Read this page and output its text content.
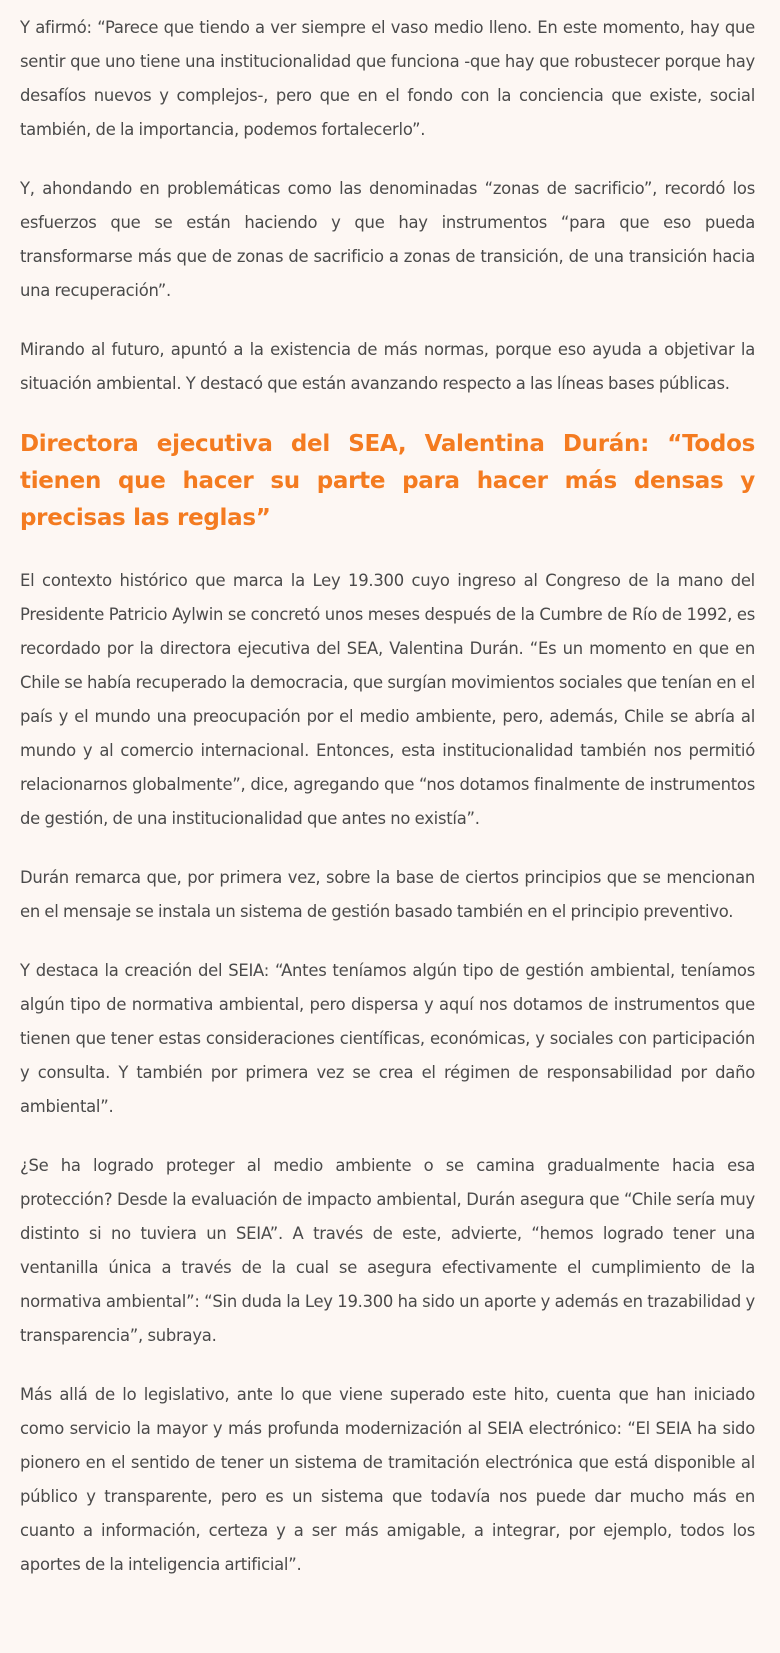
Y afirmó: “Parece que tiendo a ver siempre el vaso medio lleno. En este momento, hay que sentir que uno tiene una institucionalidad que funciona -que hay que robustecer porque hay desafíos nuevos y complejos-, pero que en el fondo con la conciencia que existe, social también, de la importancia, podemos fortalecerlo”.

Y, ahondando en problemáticas como las denominadas “zonas de sacrificio”, recordó los esfuerzos que se están haciendo y que hay instrumentos “para que eso pueda transformarse más que de zonas de sacrificio a zonas de transición, de una transición hacia una recuperación”.

Mirando al futuro, apuntó a la existencia de más normas, porque eso ayuda a objetivar la situación ambiental. Y destacó que están avanzando respecto a las líneas bases públicas.

Directora ejecutiva del SEA, Valentina Durán: “Todos tienen que hacer su parte para hacer más densas y precisas las reglas”

El contexto histórico que marca la Ley 19.300 cuyo ingreso al Congreso de la mano del Presidente Patricio Aylwin se concretó unos meses después de la Cumbre de Río de 1992, es recordado por la directora ejecutiva del SEA, Valentina Durán. “Es un momento en que en Chile se había recuperado la democracia, que surgían movimientos sociales que tenían en el país y el mundo una preocupación por el medio ambiente, pero, además, Chile se abría al mundo y al comercio internacional. Entonces, esta institucionalidad también nos permitió relacionarnos globalmente”, dice, agregando que “nos dotamos finalmente de instrumentos de gestión, de una institucionalidad que antes no existía”.

Durán remarca que, por primera vez, sobre la base de ciertos principios que se mencionan en el mensaje se instala un sistema de gestión basado también en el principio preventivo.

Y destaca la creación del SEIA: “Antes teníamos algún tipo de gestión ambiental, teníamos algún tipo de normativa ambiental, pero dispersa y aquí nos dotamos de instrumentos que tienen que tener estas consideraciones científicas, económicas, y sociales con participación y consulta. Y también por primera vez se crea el régimen de responsabilidad por daño ambiental”.

¿Se ha logrado proteger al medio ambiente o se camina gradualmente hacia esa protección? Desde la evaluación de impacto ambiental, Durán asegura que “Chile sería muy distinto si no tuviera un SEIA”. A través de este, advierte, “hemos logrado tener una ventanilla única a través de la cual se asegura efectivamente el cumplimiento de la normativa ambiental”: “Sin duda la Ley 19.300 ha sido un aporte y además en trazabilidad y transparencia”, subraya.

Más allá de lo legislativo, ante lo que viene superado este hito, cuenta que han iniciado como servicio la mayor y más profunda modernización al SEIA electrónico: “El SEIA ha sido pionero en el sentido de tener un sistema de tramitación electrónica que está disponible al público y transparente, pero es un sistema que todavía nos puede dar mucho más en cuanto a información, certeza y a ser más amigable, a integrar, por ejemplo, todos los aportes de la inteligencia artificial”.
